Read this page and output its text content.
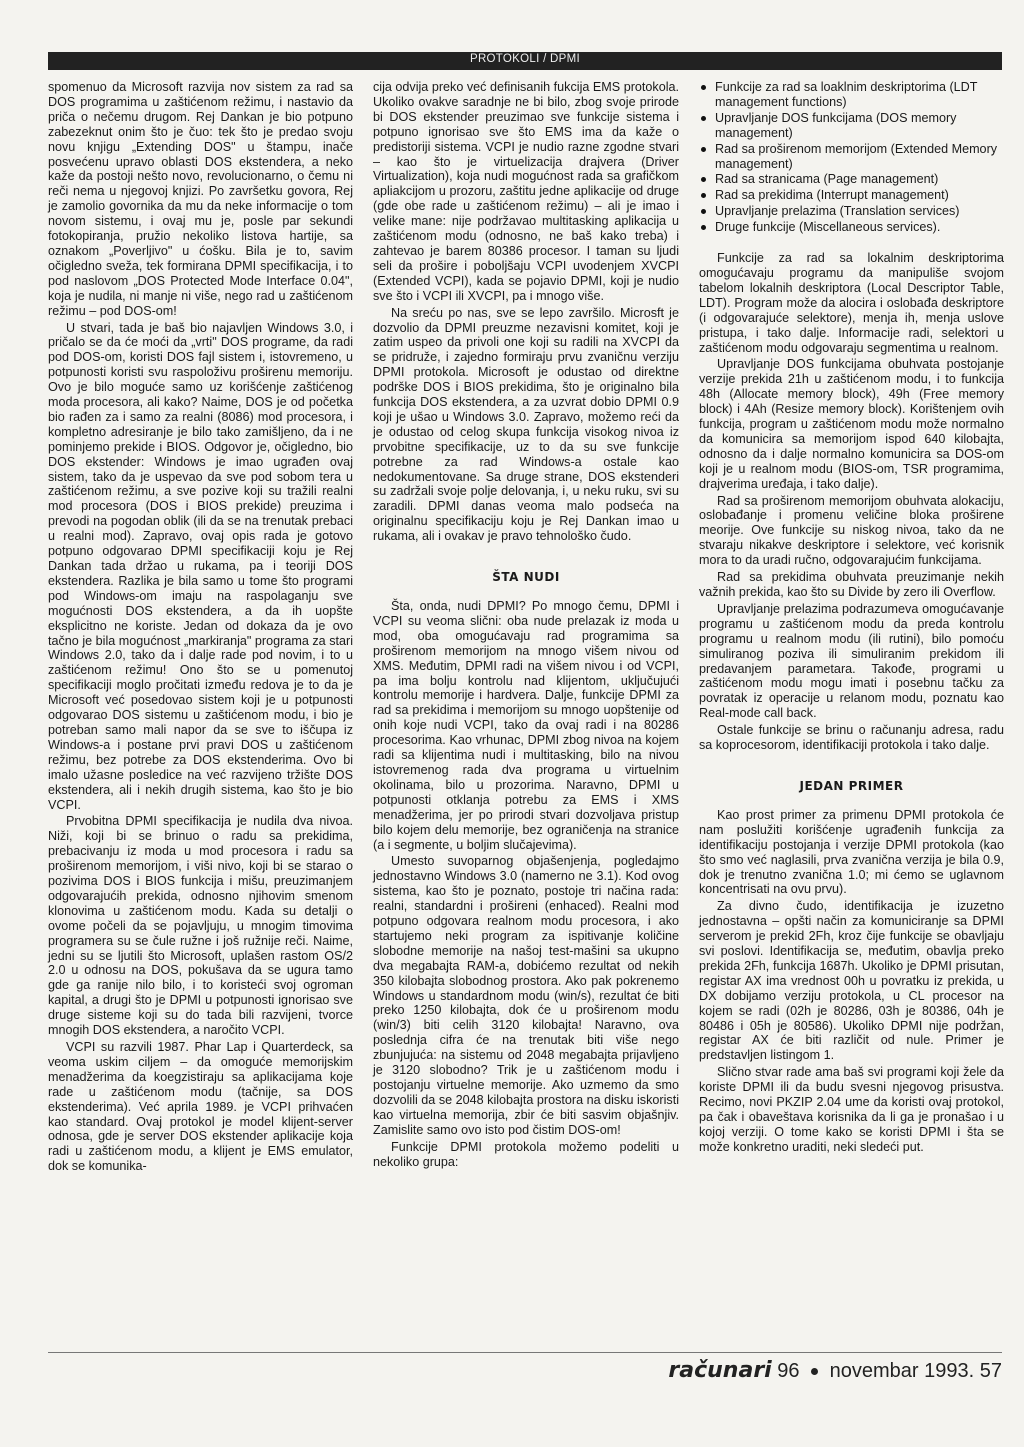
PROTOKOLI / DPMI

spomenuo da Microsoft razvija nov sistem za rad sa DOS programima u zaštićenom režimu, i nastavio da priča o nečemu drugom. Rej Dankan je bio potpuno zabezeknut onim što je čuo: tek što je predao svoju novu knjigu „Extending DOS" u štampu, inače posvećenu upravo oblasti DOS ekstendera, a neko kaže da postoji nešto novo, revolucionarno, o čemu ni reči nema u njegovoj knjizi. Po završetku govora, Rej je zamolio govornika da mu da neke informacije o tom novom sistemu, i ovaj mu je, posle par sekundi fotokopiranja, pružio nekoliko listova hartije, sa oznakom „Poverljivo" u ćošku. Bila je to, savim očigledno sveža, tek formirana DPMI specifikacija, i to pod naslovom „DOS Protected Mode Interface 0.04", koja je nudila, ni manje ni više, nego rad u zaštićenom režimu – pod DOS-om!

U stvari, tada je baš bio najavljen Windows 3.0, i pričalo se da će moći da „vrti" DOS programe, da radi pod DOS-om, koristi DOS fajl sistem i, istovremeno, u potpunosti koristi svu raspoloživu proširenu memoriju. Ovo je bilo moguće samo uz korišćenje zaštićenog moda procesora, ali kako? Naime, DOS je od početka bio rađen za i samo za realni (8086) mod procesora, i kompletno adresiranje je bilo tako zamišljeno, da i ne pominjemo prekide i BIOS. Odgovor je, očigledno, bio DOS ekstender: Windows je imao ugrađen ovaj sistem, tako da je uspevao da sve pod sobom tera u zaštićenom režimu, a sve pozive koji su tražili realni mod procesora (DOS i BIOS prekide) preuzima i prevodi na pogodan oblik (ili da se na trenutak prebaci u realni mod). Zapravo, ovaj opis rada je gotovo potpuno odgovarao DPMI specifikaciji koju je Rej Dankan tada držao u rukama, pa i teoriji DOS ekstendera. Razlika je bila samo u tome što programi pod Windows-om imaju na raspolaganju sve mogućnosti DOS ekstendera, a da ih uopšte eksplicitno ne koriste. Jedan od dokaza da je ovo tačno je bila mogućnost „markiranja" programa za stari Windows 2.0, tako da i dalje rade pod novim, i to u zaštićenom režimu! Ono što se u pomenutoj specifikaciji moglo pročitati između redova je to da je Microsoft već posedovao sistem koji je u potpunosti odgovarao DOS sistemu u zaštićenom modu, i bio je potreban samo mali napor da se sve to iščupa iz Windows-a i postane prvi pravi DOS u zaštićenom režimu, bez potrebe za DOS ekstenderima. Ovo bi imalo užasne posledice na već razvijeno tržište DOS ekstendera, ali i nekih drugih sistema, kao što je bio VCPI.

Prvobitna DPMI specifikacija je nudila dva nivoa. Niži, koji bi se brinuo o radu sa prekidima, prebacivanju iz moda u mod procesora i radu sa proširenom memorijom, i viši nivo, koji bi se starao o pozivima DOS i BIOS funkcija i mišu, preuzimanjem odgovarajućih prekida, odnosno njihovim smenom klonovima u zaštićenom modu. Kada su detalji o ovome počeli da se pojavljuju, u mnogim timovima programera su se čule ružne i još ružnije reči. Naime, jedni su se ljutili što Microsoft, uplašen rastom OS/2 2.0 u odnosu na DOS, pokušava da se ugura tamo gde ga ranije nilo bilo, i to koristeći svoj ogroman kapital, a drugi što je DPMI u potpunosti ignorisao sve druge sisteme koji su do tada bili razvijeni, tvorce mnogih DOS ekstendera, a naročito VCPI.

VCPI su razvili 1987. Phar Lap i Quarterdeck, sa veoma uskim ciljem – da omoguće memorijskim menadžerima da koegzistiraju sa aplikacijama koje rade u zaštićenom modu (tačnije, sa DOS ekstenderima). Već aprila 1989. je VCPI prihvaćen kao standard. Ovaj protokol je model klijent-server odnosa, gde je server DOS ekstender aplikacije koja radi u zaštićenom modu, a klijent je EMS emulator, dok se komunika-

cija odvija preko već definisanih fukcija EMS protokola. Ukoliko ovakve saradnje ne bi bilo, zbog svoje prirode bi DOS ekstender preuzimao sve funkcije sistema i potpuno ignorisao sve što EMS ima da kaže o predistoriji sistema. VCPI je nudio razne zgodne stvari – kao što je virtuelizacija drajvera (Driver Virtualization), koja nudi mogućnost rada sa grafičkom apliakcijom u prozoru, zaštitu jedne aplikacije od druge (gde obe rade u zaštićenom režimu) – ali je imao i velike mane: nije podržavao multitasking aplikacija u zaštićenom modu (odnosno, ne baš kako treba) i zahtevao je barem 80386 procesor. I taman su ljudi seli da proširе i poboljšaju VCPI uvodenjem XVCPI (Extended VCPI), kada se pojavio DPMI, koji je nudio sve što i VCPI ili XVCPI, pa i mnogo više.

Na sreću po nas, sve se lepo završilo. Microsft je dozvolio da DPMI preuzme nezavisni komitet, koji je zatim uspeo da privoli one koji su radili na XVCPI da se pridruže, i zajedno formiraju prvu zvaničnu verziju DPMI protokola. Microsoft je odustao od direktne podrške DOS i BIOS prekidima, što je originalno bila funkcija DOS ekstendera, a za uzvrat dobio DPMI 0.9 koji je ušao u Windows 3.0. Zapravo, možemo reći da je odustao od celog skupa funkcija visokog nivoa iz prvobitne specifikacije, uz to da su sve funkcije potrebne za rad Windows-a ostale kao nedokumentovane. Sa druge strane, DOS ekstenderi su zadržali svoje polje delovanja, i, u neku ruku, svi su zaradili. DPMI danas veoma malo podseća na originalnu specifikaciju koju je Rej Dankan imao u rukama, ali i ovakav je pravo tehnološko čudo.

ŠTA NUDI

Šta, onda, nudi DPMI? Po mnogo čemu, DPMI i VCPI su veoma slični: oba nude prelazak iz moda u mod, oba omogućavaju rad programima sa proširenom memorijom na mnogo višem nivou od XMS. Međutim, DPMI radi na višem nivou i od VCPI, pa ima bolju kontrolu nad klijentom, uključujući kontrolu memorije i hardvera. Dalje, funkcije DPMI za rad sa prekidima i memorijom su mnogo uopštenije od onih koje nudi VCPI, tako da ovaj radi i na 80286 procesorima. Kao vrhunac, DPMI zbog nivoa na kojem radi sa klijentima nudi i multitasking, bilo na nivou istovremenog rada dva programa u virtuelnim okolinama, bilo u prozorima. Naravno, DPMI u potpunosti otklanja potrebu za EMS i XMS menadžerima, jer po prirodi stvari dozvoljava pristup bilo kojem delu memorije, bez ograničenja na stranice (a i segmente, u boljim slučajevima).

Umesto suvoparnog objašenjenja, pogledajmo jednostavno Windows 3.0 (namerno ne 3.1). Kod ovog sistema, kao što je poznato, postoje tri načina rada: realni, standardni i prošireni (enhaced). Realni mod potpuno odgovara realnom modu procesora, i ako startujemo neki program za ispitivanje količine slobodne memorije na našoj test-mašini sa ukupno dva megabajta RAM-a, dobićemo rezultat od nekih 350 kilobajta slobodnog prostora. Ako pak pokrenemo Windows u standardnom modu (win/s), rezultat će biti preko 1250 kilobajta, dok će u proširenom modu (win/3) biti celih 3120 kilobajta! Naravno, ova poslednja cifra će na trenutak biti više nego zbunjujuća: na sistemu od 2048 megabajta prijavljeno je 3120 slobodno? Trik je u zaštićenom modu i postojanju virtuelne memorije. Ako uzmemo da smo dozvolili da se 2048 kilobajta prostora na disku iskoristi kao virtuelna memorija, zbir će biti sasvim objašnjiv. Zamislite samo ovo isto pod čistim DOS-om!

Funkcije DPMI protokola možemo podeliti u nekoliko grupa:

Funkcije za rad sa loaklnim deskriptorima (LDT management functions)
Upravljanje DOS funkcijama (DOS memory management)
Rad sa proširenom memorijom (Extended Memory management)
Rad sa stranicama (Page management)
Rad sa prekidima (Interrupt management)
Upravljanje prelazima (Translation services)
Druge funkcije (Miscellaneous services).

Funkcije za rad sa lokalnim deskriptorima omogućavaju programu da manipuliše svojom tabelom lokalnih deskriptora (Local Descriptor Table, LDT). Program može da alocira i oslobađa deskriptore (i odgovarajuće selektore), menja ih, menja uslove pristupa, i tako dalje. Informacije radi, selektori u zaštićenom modu odgovaraju segmentima u realnom.

Upravljanje DOS funkcijama obuhvata postojanje verzije prekida 21h u zaštićenom modu, i to funkcija 48h (Allocate memory block), 49h (Free memory block) i 4Ah (Resize memory block). Korištenjem ovih funkcija, program u zaštićenom modu može normalno da komunicira sa memorijom ispod 640 kilobajta, odnosno da i dalje normalno komunicira sa DOS-om koji je u realnom modu (BIOS-om, TSR programima, drajverima uređaja, i tako dalje).

Rad sa proširenom memorijom obuhvata alokaciju, oslobađanje i promenu veličine bloka proširene meorije. Ove funkcije su niskog nivoa, tako da ne stvaraju nikakve deskriptore i selektore, već korisnik mora to da uradi ručno, odgovarajućim funkcijama.

Rad sa prekidima obuhvata preuzimanje nekih važnih prekida, kao što su Divide by zero ili Overflow.

Upravljanje prelazima podrazumeva omogućavanje programu u zaštićenom modu da preda kontrolu programu u realnom modu (ili rutini), bilo pomoću simuliranog poziva ili simuliranim prekidom ili predavanjem parametara. Takođe, programi u zaštićenom modu mogu imati i posebnu tačku za povratak iz operacije u relanom modu, poznatu kao Real-mode call back.

Ostale funkcije se brinu o računanju adresa, radu sa koprocesorom, identifikaciji protokola i tako dalje.

JEDAN PRIMER

Kao prost primer za primenu DPMI protokola će nam poslužiti korišćenje ugrađenih funkcija za identifikaciju postojanja i verzije DPMI protokola (kao što smo već naglasili, prva zvanična verzija je bila 0.9, dok je trenutno zvanična 1.0; mi ćemo se uglavnom koncentrisati na ovu prvu).

Za divno čudo, identifikacija je izuzetno jednostavna – opšti način za komuniciranje sa DPMI serverom je prekid 2Fh, kroz čije funkcije se obavljaju svi poslovi. Identifikacija se, međutim, obavlja preko prekida 2Fh, funkcija 1687h. Ukoliko je DPMI prisutan, registar AX ima vrednost 00h u povratku iz prekida, u DX dobijamo verziju protokola, u CL procesor na kojem se radi (02h je 80286, 03h je 80386, 04h je 80486 i 05h je 80586). Ukoliko DPMI nije podržan, registar AX će biti različit od nule. Primer je predstavljen listingom 1.

Slično stvar rade ama baš svi programi koji žele da koriste DPMI ili da budu svesni njegovog prisustva. Recimo, novi PKZIP 2.04 ume da koristi ovaj protokol, pa čak i obaveštava korisnika da li ga je pronašao i u kojoj verziji. O tome kako se koristi DPMI i šta se može konkretno uraditi, neki sledeći put.

računari 96 novembar 1993. 57
